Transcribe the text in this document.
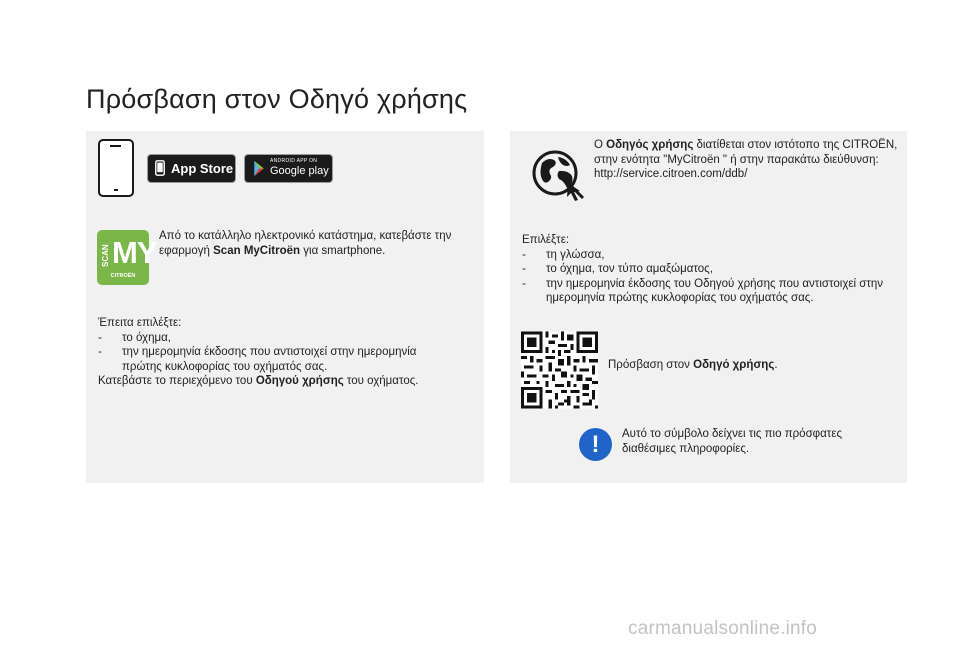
Πρόσβαση στον Οδηγό χρήσης
App Store	ANDROID APP ON
Google play
SCAN MY
CITROËN
Από το κατάλληλο ηλεκτρονικό κατάστημα, κατεβάστε την εφαρμογή Scan MyCitroën για smartphone.
Έπειτα επιλέξτε:
- το όχημα,
- την ημερομηνία έκδοσης που αντιστοιχεί στην ημερομηνία πρώτης κυκλοφορίας του οχήματός σας.
Κατεβάστε το περιεχόμενο του Οδηγού χρήσης του οχήματος.
Ο Οδηγός χρήσης διατίθεται στον ιστότοπο της CITROËN, στην ενότητα "MyCitroën " ή στην παρακάτω διεύθυνση:
http://service.citroen.com/ddb/
Επιλέξτε:
- τη γλώσσα,
- το όχημα, τον τύπο αμαξώματος,
- την ημερομηνία έκδοσης του Οδηγού χρήσης που αντιστοιχεί στην ημερομηνία πρώτης κυκλοφορίας του οχήματός σας.
Πρόσβαση στον Οδηγό χρήσης.
!	Αυτό το σύμβολο δείχνει τις πιο πρόσφατες διαθέσιμες πληροφορίες.
carmanualsonline.info
